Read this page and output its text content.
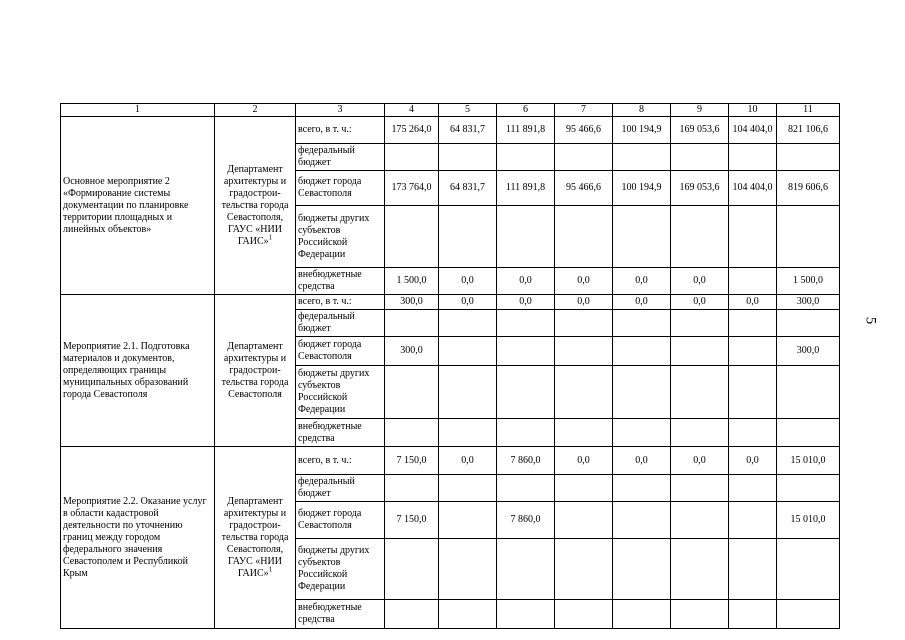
1	2	3	4	5	6	7	8	9	10	11
Основное мероприятие 2 «Формирование системы документации по планировке территории площадных и линейных объектов»	Департамент архитектуры и градострои-тельства города Севастополя, ГАУС «НИИ ГАИС»$^1$	всего, в т. ч.:	175 264,0	64 831,7	111 891,8	95 466,6	100 194,9	169 053,6	104 404,0	821 106,6
		федеральный бюджет								
		бюджет города Севастополя	173 764,0	64 831,7	111 891,8	95 466,6	100 194,9	169 053,6	104 404,0	819 606,6
		бюджеты других субъектов Российской Федерации								
		внебюджетные средства	1 500,0	0,0	0,0	0,0	0,0	0,0		1 500,0
Мероприятие 2.1. Подготовка материалов и документов, определяющих границы муниципальных образований города Севастополя	Департамент архитектуры и градострои-тельства города Севастополя	всего, в т. ч.:	300,0	0,0	0,0	0,0	0,0	0,0	0,0	300,0
		федеральный бюджет								
		бюджет города Севастополя	300,0							300,0
		бюджеты других субъектов Российской Федерации								
		внебюджетные средства								
Мероприятие 2.2. Оказание услуг в области кадастровой деятельности по уточнению границ между городом федерального значения Севастополем и Республикой Крым	Департамент архитектуры и градострои-тельства города Севастополя, ГАУС «НИИ ГАИС»$^1$	всего, в т. ч.:	7 150,0	0,0	7 860,0	0,0	0,0	0,0	0,0	15 010,0
		федеральный бюджет								
		бюджет города Севастополя	7 150,0		7 860,0					15 010,0
		бюджеты других субъектов Российской Федерации								
		внебюджетные средства								
5
